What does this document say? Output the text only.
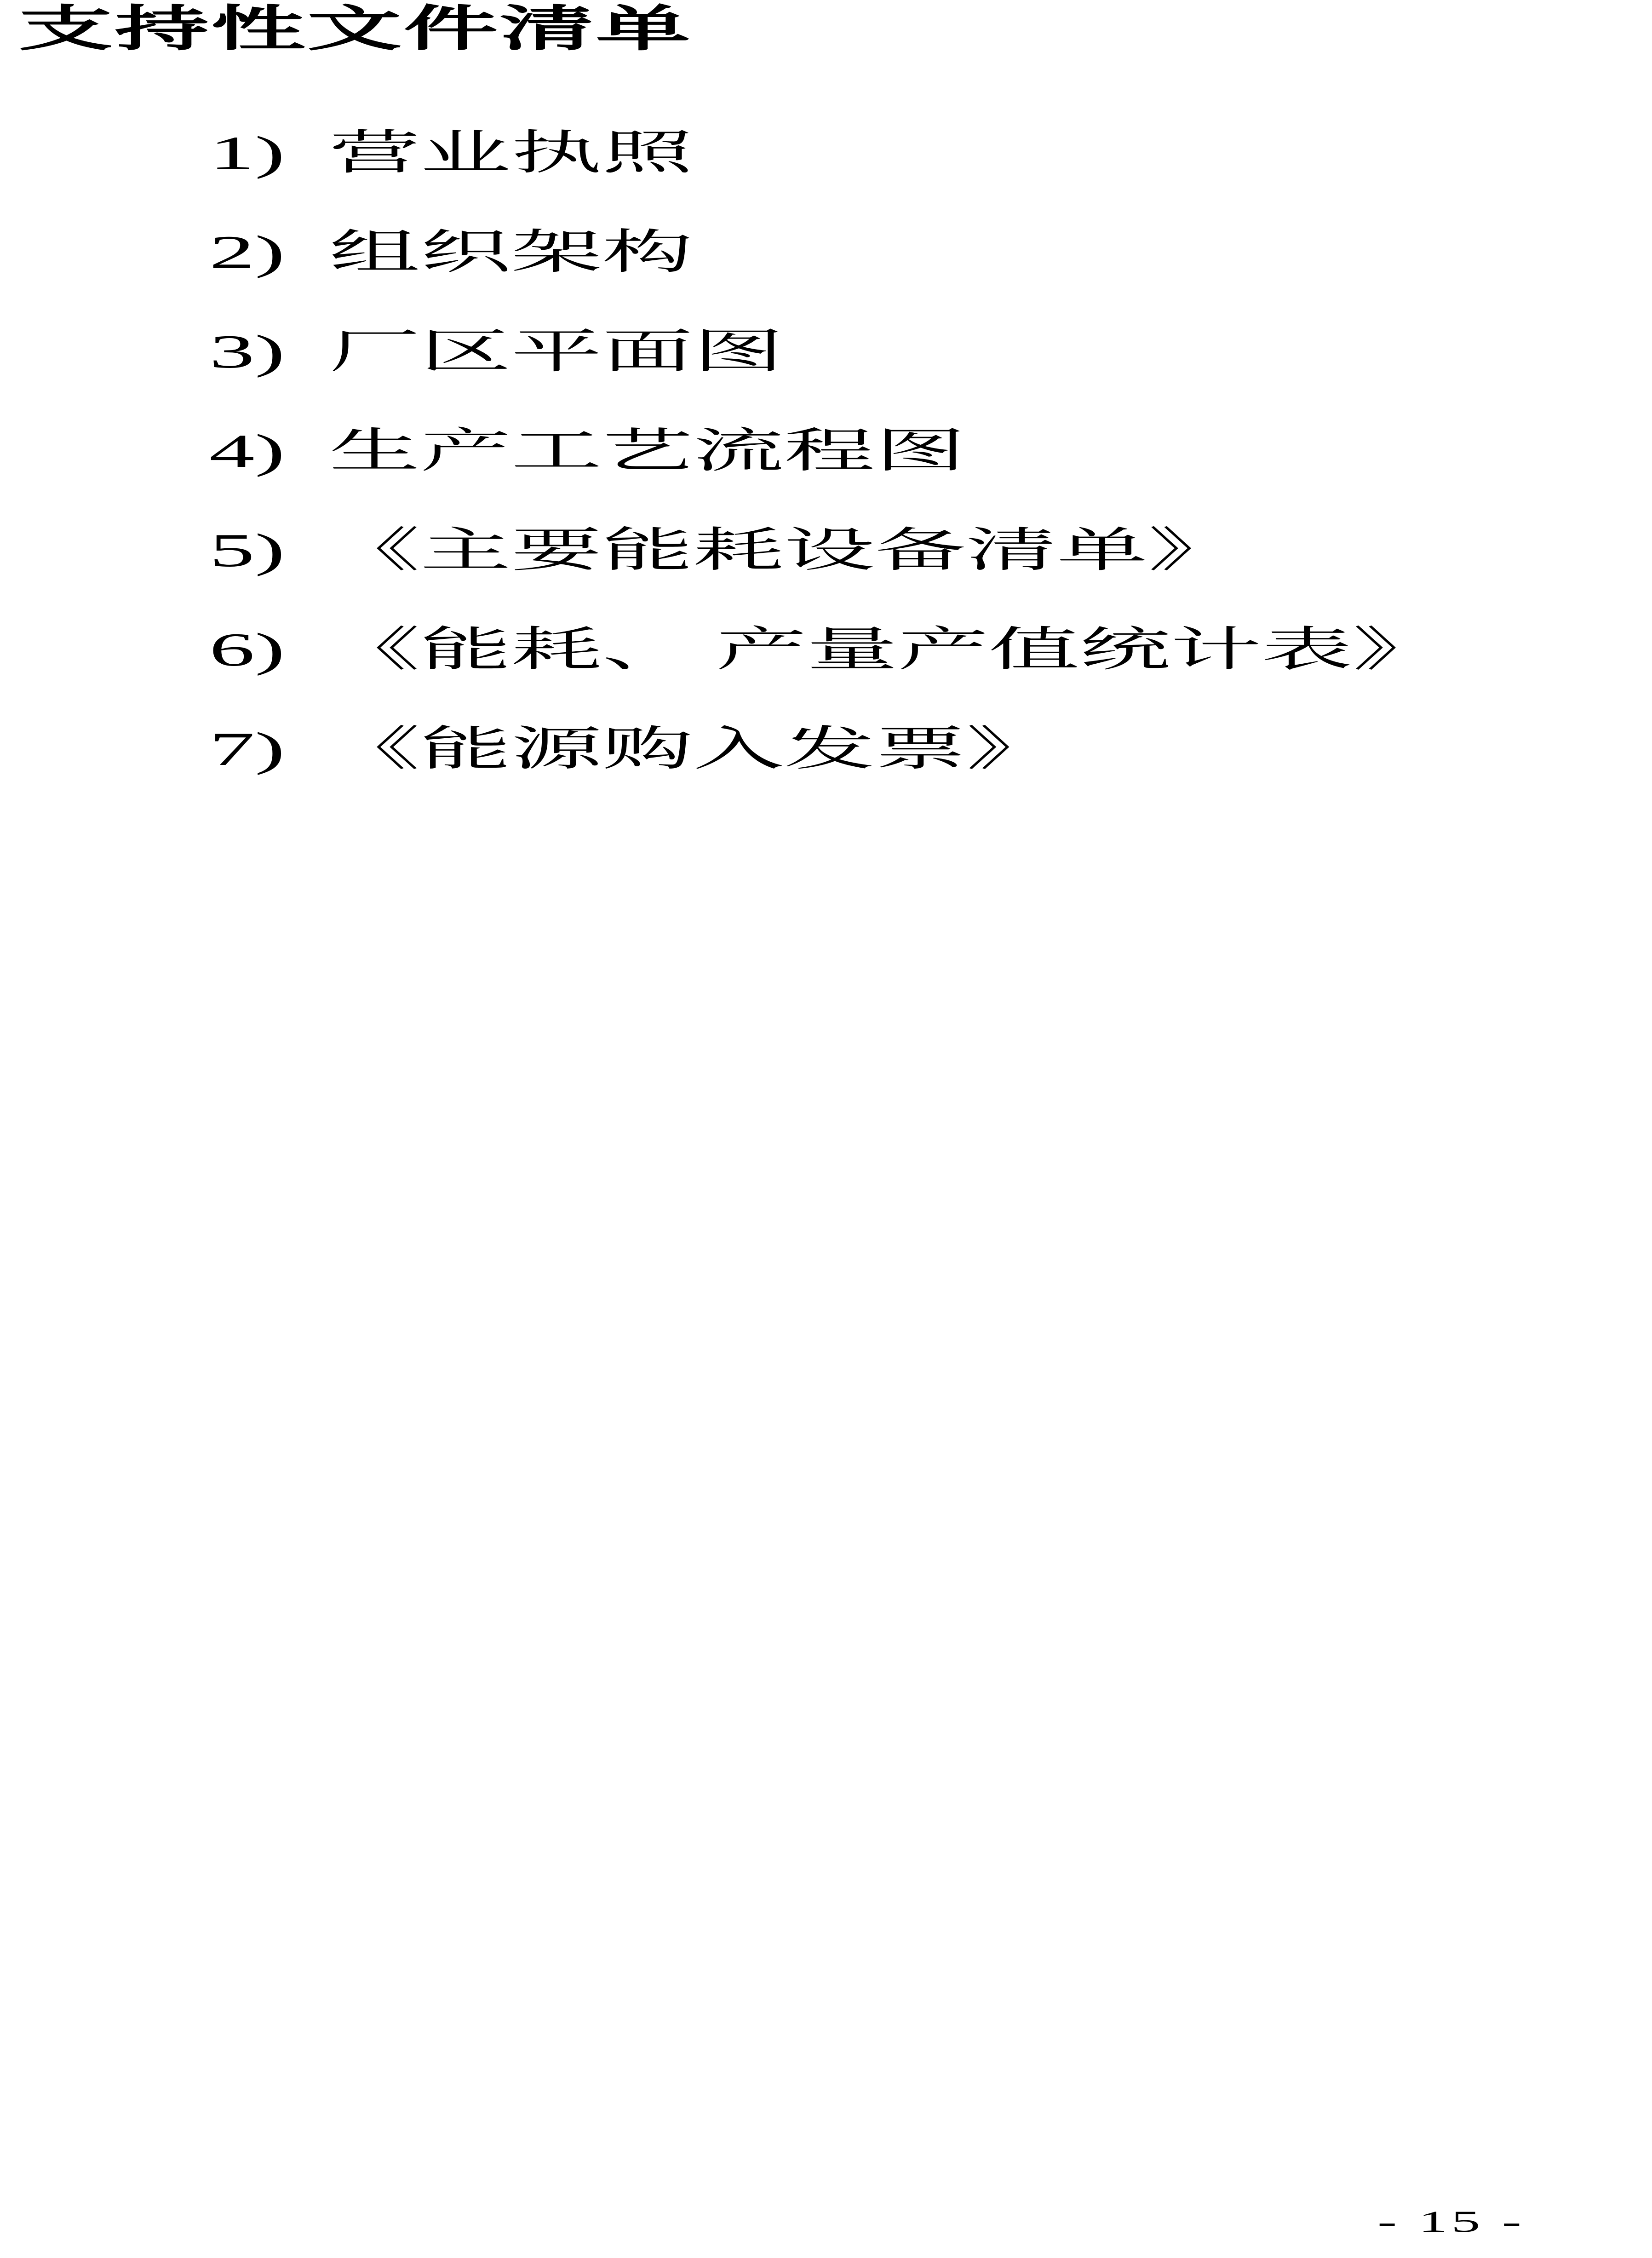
支持性文件清单
1) 营业执照
2) 组织架构
3) 厂区平面图
4) 生产工艺流程图
5) 《主要能耗设备清单》
6) 《能耗、 产量产值统计表》
7) 《能源购入发票》
- 15 -
